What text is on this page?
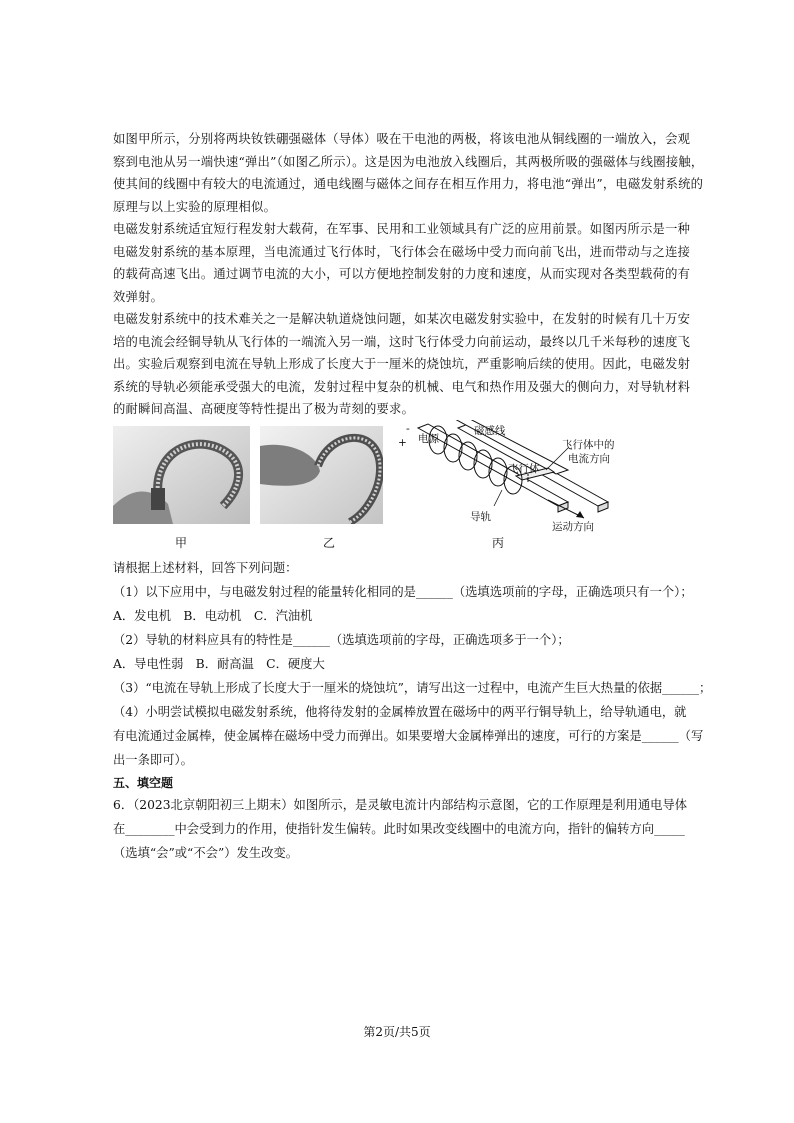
如图甲所示，分别将两块钕铁硼强磁体（导体）吸在干电池的两极，将该电池从铜线圈的一端放入，会观
察到电池从另一端快速“弹出”（如图乙所示）。这是因为电池放入线圈后，其两极所吸的强磁体与线圈接触，
使其间的线圈中有较大的电流通过，通电线圈与磁体之间存在相互作用力，将电池“弹出”，电磁发射系统的
原理与以上实验的原理相似。

电磁发射系统适宜短行程发射大载荷，在军事、民用和工业领域具有广泛的应用前景。如图丙所示是一种
电磁发射系统的基本原理，当电流通过飞行体时，飞行体会在磁场中受力而向前飞出，进而带动与之连接
的载荷高速飞出。通过调节电流的大小，可以方便地控制发射的力度和速度，从而实现对各类型载荷的有
效弹射。

电磁发射系统中的技术难关之一是解决轨道烧蚀问题，如某次电磁发射实验中，在发射的时候有几十万安
培的电流会经铜导轨从飞行体的一端流入另一端，这时飞行体受力向前运动，最终以几千米每秒的速度飞
出。实验后观察到电流在导轨上形成了长度大于一厘米的烧蚀坑，严重影响后续的使用。因此，电磁发射
系统的导轨必须能承受强大的电流，发射过程中复杂的机械、电气和热作用及强大的侧向力，对导轨材料
的耐瞬间高温、高硬度等特性提出了极为苛刻的要求。

甲	乙
-
+ 电源
磁感线
飞行体中的
电流方向
飞行体
导轨
运动方向
丙

请根据上述材料，回答下列问题：

（1）以下应用中，与电磁发射过程的能量转化相同的是______（选填选项前的字母，正确选项只有一个）；

A．发电机　B．电动机　C．汽油机

（2）导轨的材料应具有的特性是______（选填选项前的字母，正确选项多于一个）；

A．导电性弱　B．耐高温　C．硬度大

（3）“电流在导轨上形成了长度大于一厘米的烧蚀坑”，请写出这一过程中，电流产生巨大热量的依据______；

（4）小明尝试模拟电磁发射系统，他将待发射的金属棒放置在磁场中的两平行铜导轨上，给导轨通电，就

有电流通过金属棒，使金属棒在磁场中受力而弹出。如果要增大金属棒弹出的速度，可行的方案是______（写

出一条即可）。

五、填空题

6．（2023北京朝阳初三上期末）如图所示，是灵敏电流计内部结构示意图，它的工作原理是利用通电导体

在________中会受到力的作用，使指针发生偏转。此时如果改变线圈中的电流方向，指针的偏转方向_____

（选填“会”或“不会”）发生改变。

第2页/共5页
